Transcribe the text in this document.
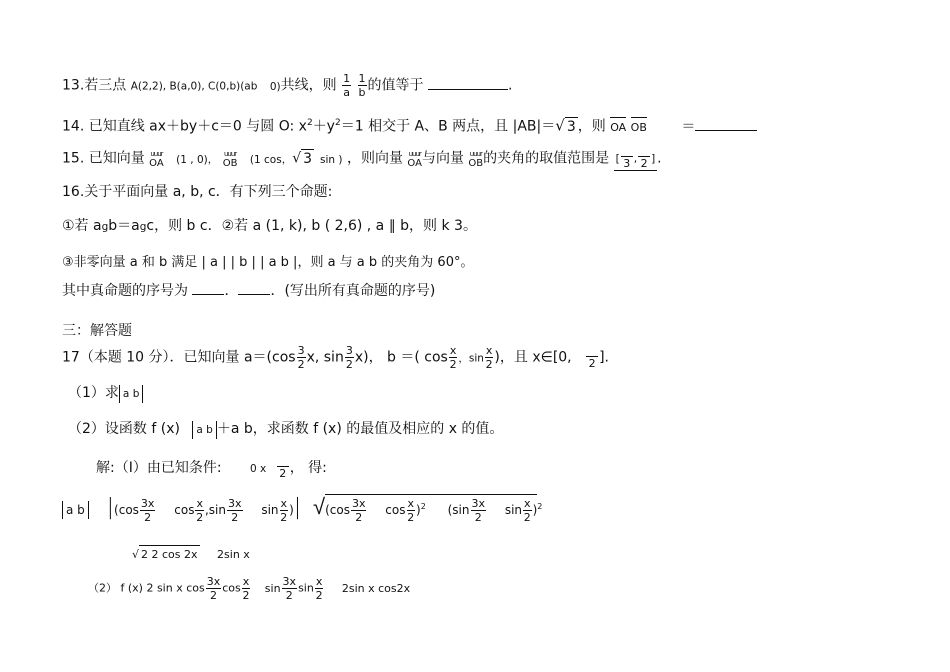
13.若三点 A(2,2), B(a,0), C(0,b)(ab 0)共线，则 $\frac{1}{a}$
$\frac{1}{b}$ 的值等于	.
14. 已知直线 ax＋by＋c＝0 与圆 O: $x^2+y^2=1$ 相交于 A、B 两点，且 |AB|＝√ 3 ，则 OA OB ＝
15. 已知向量 uuur
OA (1 , 0)， uuur
OB (1 cos，√ 3 sin ) ，则向量 uuur
OA 与向量 uuur
OB 的夹角的取值范围是 [ 3 , 2 ] .
16.关于平面向量 a, b, c．有下列三个命题:
①若 agb＝agc，则 b c．②若 a (1, k), b ( 2,6) , a ∥ b，则 k 3。
③非零向量 a 和 b 满足 | a | | b | | a b |，则 a 与 a b 的夹角为 60°。
其中真命题的序号为	． ．(写出所有真命题的序号)
三：解答题
17（本题 10 分）．已知向量 $a=(\cos \frac{3}{2} x$, $\sin \frac{3}{2} x$)， b ＝( $\cos \frac{x}{2}$ ，$\sin \frac{x}{2}$ )，且 x∈[0, 2 ].
（1）求 a b
（2）设函数 f (x) a b ＋a b，求函数 f (x) 的最值及相应的 x 的值。
解:（I）由已知条件:	0 x 2 ， 得:
a b $|(\cos \frac{3x}{2}$ $\cos \frac{x}{2} ,\sin \frac{3x}{2}$ $\sin \frac{x}{2}$ )| $√(\cos \frac{3x}{2}$ $\cos \frac{x}{2} )^2$ ($\sin \frac{3x}{2}$ $\sin \frac{x}{2} )^2$
√ 2 2 cos 2x 2sin x
（2） f (x) 2 sin x $\cos \frac{3x}{2}$ $\cos \frac{x}{2}$ $\sin \frac{3x}{2}$ $\sin \frac{x}{2} 2\sin$ x cos2x
